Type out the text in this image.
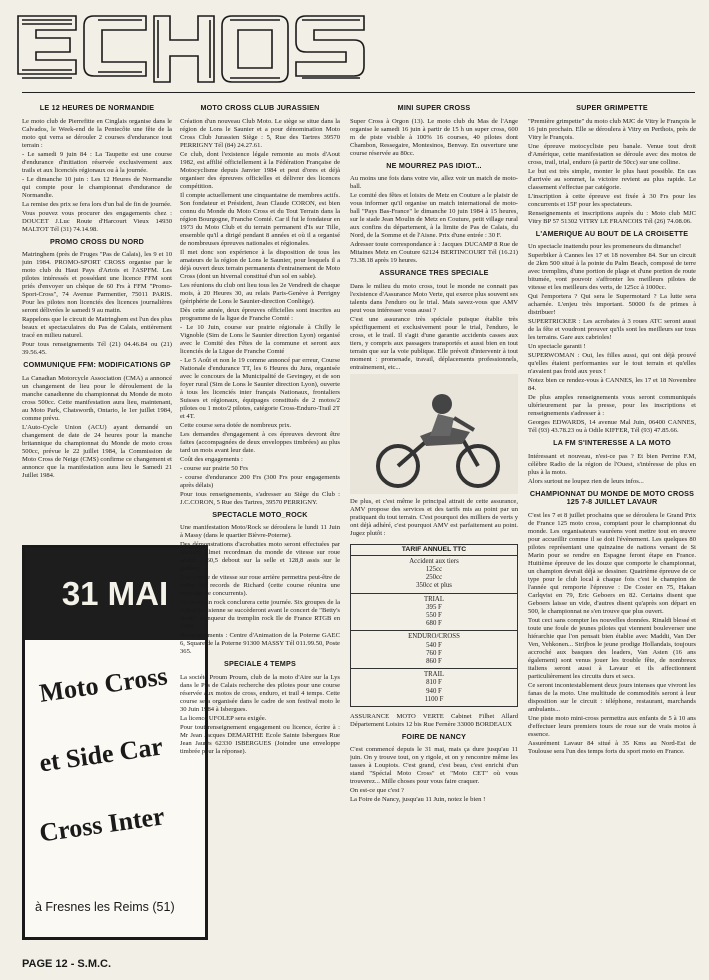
LE 12 HEURES DE NORMANDIE

Le moto club de Pierrefitte en Cinglais organise dans le Calvados, le Week-end de la Pentecôte une fête de la moto qui verra se dérouler 2 courses d'endurance tout terrain :

- Le samedi 9 juin 84 : La Taupette est une course d'endurance d'initiation réservée exclusivement aux trails et aux licenciés régionaux ou à la journée.

- Le dimanche 10 juin : Les 12 Heures de Normandie qui compte pour le championnat d'endurance de Normandie.

La remise des prix se fera lors d'un bal de fin de journée.

Vous pouvez vous procurer des engagements chez : DOUCET J.Luc Route d'Harcourt Vieux 14930 MALTOT Tél (31) 74.14.98.

PROMO CROSS DU NORD

Matringhem (près de Fruges "Pas de Calais), les 9 et 10 juin 1984. PROMO-SPORT CROSS organise par le moto club du Haut Pays d'Artois et l'ASPFM. Les pilotes intéressés et possédant une licence FFM sont priés d'envoyer un chèque de 60 Frs à FFM "Promo-Sport-Cross", 74 Avenue Parmentier, 75011 PARIS. Pour les pilotes non licenciés des licences journalières seront délivrées le samedi 9 au matin.

Rappelons que le circuit de Matringhem est l'un des plus beaux et spectaculaires du Pas de Calais, entièrement tracé en milieu naturel.

Pour tous renseignements Tél (21) 04.46.84 ou (21) 39.56.45.

COMMUNIQUE FFM: MODIFICATIONS GP

La Canadian Motorcycle Association (CMA) a annoncé un changement de lieu pour le déroulement de la manche canadienne du championnat du Monde de moto cross 500cc. Cette manifestation aura lieu, maintenant, au Moto Park, Chatsworth, Ontario, le 1er juillet 1984, comme prévu.

L'Auto-Cycle Union (ACU) ayant demandé un changement de date de 24 heures pour la manche britannique du championnat du Monde de moto cross 500cc, prévue le 22 juillet 1984, la Commission de Moto Cross de Neige (CMS) confirme ce changement et annonce que la manifestation aura lieu le Samedi 21 Juillet 1984.

31 MAI
Moto Cross
et Side Car
Cross Inter
à Fresnes les Reims (51)
MOTO CROSS CLUB JURASSIEN

Création d'un nouveau Club Moto. Le siège se situe dans la région de Lons le Saunier et a pour dénomination Moto Cross Club Jurassien Siège : 5, Rue des Tartres 39570 PERRIGNY Tél (84) 24.27.61.

Ce club, dont l'existence légale remonte au mois d'Aout 1982, est affilié officiellement à la Fédération Française de Motocyclisme depuis Janvier 1984 et peut d'ores et déjà organiser des épreuves officielles et délivrer des licences compétition.

Il compte actuellement une cinquantaine de membres actifs. Son fondateur et Président, Jean Claude CORON, est bien connu du Monde du Moto Cross et du Tout Terrain dans la région Bourgogne, Franche Comté. Car il fut le fondateur en 1973 du Moto Club et du terrain permanent d'Is sur Tille, ensemble qu'il a dirigé pendant 8 années et où il a organisé de nombreuses épreuves nationales et régionales.

Il met donc son expérience à la disposition de tous les amateurs de la région de Lons le Saunier, pour lesquels il a déjà ouvert deux terrain permanents d'entrainement de Moto Cross (dont un hivernal constitué d'un sol en sable).

Les réunions du club ont lieu tous les 2e Vendredi de chaque mois, à 20 Heures 30, au relais Paris-Genève à Perrigny (périphérie de Lons le Saunier-direction Conliège).

Dès cette année, deux épreuves officielles sont inscrites au programme de la ligue de Franche Comté :

- Le 10 Juin, course sur prairie régionale à Chilly le Vignoble (Sim de Lons le Saunier direction Lyon) organisé avec le Comité des Fêtes de la commune et seront aux licenciés de la Ligue de Franche Comté

- Le 5 Août et non le 19 comme annoncé par erreur, Course Nationale d'endurance TT, les 6 Heures du Jura, organisée avec le concours de la Municipalité de Gevingey, et de son foyer rural (Sim de Lons le Saunier direction Lyon), ouverte à tous les licenciés inter français Nationaux, frontaliers Suisses et régionaux, équipages constitués de 2 motos/2 pilotes ou 1 moto/2 pilotes, catégorie Cross-Enduro-Trail 2T et 4T.

Cette course sera dotée de nombreux prix.

Les demandes d'engagement à ces épreuves devront être faites (accompagnées de deux enveloppes timbrées) au plus tard un mois avant leur date.

Coût des engagements :

- course sur prairie 50 Frs

- course d'endurance 200 Frs (300 Frs pour engagements après délais)

Pour tous renseignements, s'adresser au Siège du Club : J.C.CORON, 5 Rue des Tartres, 39570 PERRIGNY.

SPECTACLE MOTO_ROCK

Une manifestation Moto/Rock se déroulera le lundi 11 Juin à Massy (dans le quartier Bièvre-Poterne).

Des démonstrations d'acrobaties moto seront effectuées par Richard Almet recordman du monde de vitesse sur roue arrière (160,5 debout sur la selle et 128,8 assis sur le guidon).

Une course de vitesse sur roue arrière permettra peut-être de battre les records de Richard (cette course réunira une trentaine de concurrents).

Un tremplin rock conclurera cette journée. Six groupes de la région parisienne se succèderont avant le concert de "Betty's Boob" vainqueur du tremplin rock Ile de France RTGB en 1983.

Renseignements : Centre d'Animation de la Poterne GAEC 6, Square de la Poterne 91300 MASSY Tél 011.99.50, Poste 365.

SPECIALE 4 TEMPS

La société Proum Proum, club de la moto d'Aire sur la Lys dans le Pas de Calais recherche des pilotes pour une course réservée aux motos de cross, enduro, et trail 4 temps. Cette course sera organisée dans le cadre de son festival moto le 30 Juin 1984 à Isbergues.

La licence UFOLEP sera exigée.

Pour tout renseignement engagement ou licence, écrire à : Mr Jean Jacques DEMARTHE Ecole Sainte Isbergues Rue Jean Jaurès 62330 ISBERGUES (Joindre une enveloppe timbrée pour la réponse).

MINI SUPER CROSS

Super Cross à Orgon (13). Le moto club du Mas de l'Ange organise le samedi 16 juin à partir de 15 h un super cross, 600 m de piste visible à 100% 16 courses, 40 pilotes dont Chambon, Ressegaire, Montesinos, Benvay. En ouverture une course réservée au 80cc.

NE MOURREZ PAS IDIOT...

Au moins une fois dans votre vie, allez voir un match de moto-ball.

Le comité des fêtes et loisirs de Metz en Couture a le plaisir de vous informer qu'il organise un match international de moto-ball "Pays Bas-France" le dimanche 10 juin 1984 à 15 heures, sur le stade Jean Moulin de Metz en Couture, petit village rural aux confins du département, à la limite de Pas de Calais, du Nord, de la Somme et de l'Aisne. Prix d'une entrée : 30 F.

Adresser toute correspondance à : Jacques DUCAMP 8 Rue de Mitaines Metz en Couture 62124 BERTINCOURT Tél (16.21) 73.38.18 après 19 heures.

ASSURANCE TRES SPECIALE

Dans le milieu du moto cross, tout le monde ne connait pas l'existence d'Assurance Moto Verte, qui exerce plus souvent ses talents dans l'enduro ou le trial. Mais savez-vous que AMV peut vous intéresser vous aussi ?

C'est une assurance très spéciale puisque établie très spécifiquement et exclusivement pour le trial, l'enduro, le cross, et le trail. Il s'agit d'une garantie accidents casses aux tiers, y compris aux passagers transportés et aussi bien en tout terrain que sur la voie publique. Elle prévoit d'intervenir à tout moment : promenade, travail, déplacements professionnels, entrainement, etc...

De plus, et c'est même le principal attrait de cette assurance, AMV propose des services et des tarifs mis au point par un pratiquant du tout terrain. C'est pourquoi des milliers de verts y ont déjà adhéré, c'est pourquoi AMV est parfaitement au point. Jugez plutôt :

TARIF ANNUEL TTC
Accident aux tiers
125cc
250cc
350cc et plus
TRIAL
395 F
550 F
680 F
ENDURO/CROSS
540 F
760 F
860 F
TRAIL
810 F
940 F
1100 F

ASSURANCE MOTO VERTE Cabinet Filhet Allard Département Loisirs 12 bis Rue Fernère 33000 BORDEAUX

FOIRE DE NANCY

C'est commencé depuis le 31 mai, mais ça dure jusqu'au 11 juin. On y trouve tout, on y rigole, et on y rencontre même les tasses à Loupiots. C'est grand, c'est beau, c'est enrichi d'un stand "Spécial Moto Cross" et "Moto CET" où vous trouverez... Mille choses pour vous faire craquer.

On est-ce que c'est ?

La Foire de Nancy, jusqu'au 11 Juin, notez le bien !

SUPER GRIMPETTE

"Première grimpette" du moto club MJC de Vitry le François le 16 juin prochain. Elle se déroulera à Vitry en Perthois, près de Vitry le François.

Une épreuve motocycliste peu banale. Venue tout droit d'Amérique, cette manifestation se déroule avec des motos de cross, trail, trial, enduro (à partir de 50cc) sur une colline.

Le but est très simple, monter le plus haut possible. En cas d'arrivée au sommet, la victoire revient au plus rapide. Le classement s'effectue par catégorie.

L'inscription à cette épreuve est fixée à 30 Frs pour les concurrents et 15F pour les spectateurs.

Renseignements et inscriptions auprès du : Moto club MJC Vitry BP 57 51302 VITRY LE FRANCOIS Tél (26) 74.08.06.

L'AMERIQUE AU BOUT DE LA CROISETTE

Un spectacle inattendu pour les promeneurs du dimanche!

Superbiker à Cannes les 17 et 18 novembre 84. Sur un circuit de 2km 500 situé à la pointe du Palm Beach, composé de terre avec tremplins, d'une portion de plage et d'une portion de route bitumée, vont pouvoir s'affronter les meilleurs pilotes de vitesse et les meilleurs des verts, de 125cc à 1000cc.

Qui l'emportera ? Qui sera le Supermotard ? La lutte sera acharnée. L'enjeu très important. 50000 fs de primes à distribuer!

SUPERTRICKER : Les acrobates à 3 roues ATC seront aussi de la fête et voudront prouver qu'ils sont les meilleurs sur tous les terrains. Gare aux cabrioles!

Un spectacle garanti !

SUPERWOMAN : Oui, les filles aussi, qui ont déjà prouvé qu'elles étaient performantes sur le tout terrain et qu'elles n'avaient pas froid aux yeux !

Notez bien ce rendez-vous à CANNES, les 17 et 18 Novembre 84.

De plus amples renseignements vous seront communiqués ultérieurement par la presse, pour les inscriptions et renseignements s'adresser à :

Georges EDWARDS, 14 avenue Mal Juin, 06400 CANNES, Tél (93) 43.78.23 ou à Odile KIFFER, Tél (93) 47.85.66.

LA FM S'INTERESSE A LA MOTO

Intéressant et nouveau, n'est-ce pas ? Et bien Perrine F.M, célèbre Radio de la région de l'Ouest, s'intéresse de plus en plus à la moto.

Alors surtout ne loupez rien de leurs infos...

CHAMPIONNAT DU MONDE DE MOTO CROSS 125 7-8 JUILLET LAVAUR

C'est les 7 et 8 juillet prochains que se déroulera le Grand Prix de France 125 moto cross, comptant pour le championnat du monde. Les organisateurs vauréens vont mettre tout en œuvre pour accueillir comme il se doit l'évènement. Les quelques 80 pilotes représentant une quinzaine de nations venant de St Marin pour se rendre en Espagne feront étape en France. Huitième épreuve de les douze que comporte le championnat, un champion devrait déjà se dessiner. Quatrième épreuve de ce type pour le club local à chaque fois c'est le champion de l'année qui remporte l'épreuve : De Coster en 75, Hakan Carlqvist en 79, Eric Geboers en 82. Certains disent que Geboers laisse un vide, d'autres disent qu'après son départ en 500, le championnat ne s'en trouve que plus ouvert.

Tout ceci sans compter les nouvelles données. Rinaldi blessé et toute une foule de jeunes pilotes qui viennent bouleverser une hiérarchie que l'on pensait bien établie avec Maddii, Van Der Ven, Vehkonen... Strijbos le jeune prodige Hollandais, toujours accroché aux basques des leaders, Van Asten (16 ans également) sont venus jouer les trouble fête, de nombreux italiens seront aussi à Lavaur et ils affectionnent particulièrement les circuits durs et secs.

Ce seront incontestablement deux jours intenses que vivront les fanas de la moto. Une multitude de commodités seront à leur disposition sur le circuit : téléphone, restaurant, marchands ambulants...

Une piste moto mini-cross permettra aux enfants de 5 à 10 ans d'effectuer leurs premiers tours de roue sur de vrais motos à essence.

Assurément Lavaur 84 situé à 35 Kms au Nord-Est de Toulouse sera l'un des temps forts du sport moto en France.

PAGE 12 - S.M.C.
